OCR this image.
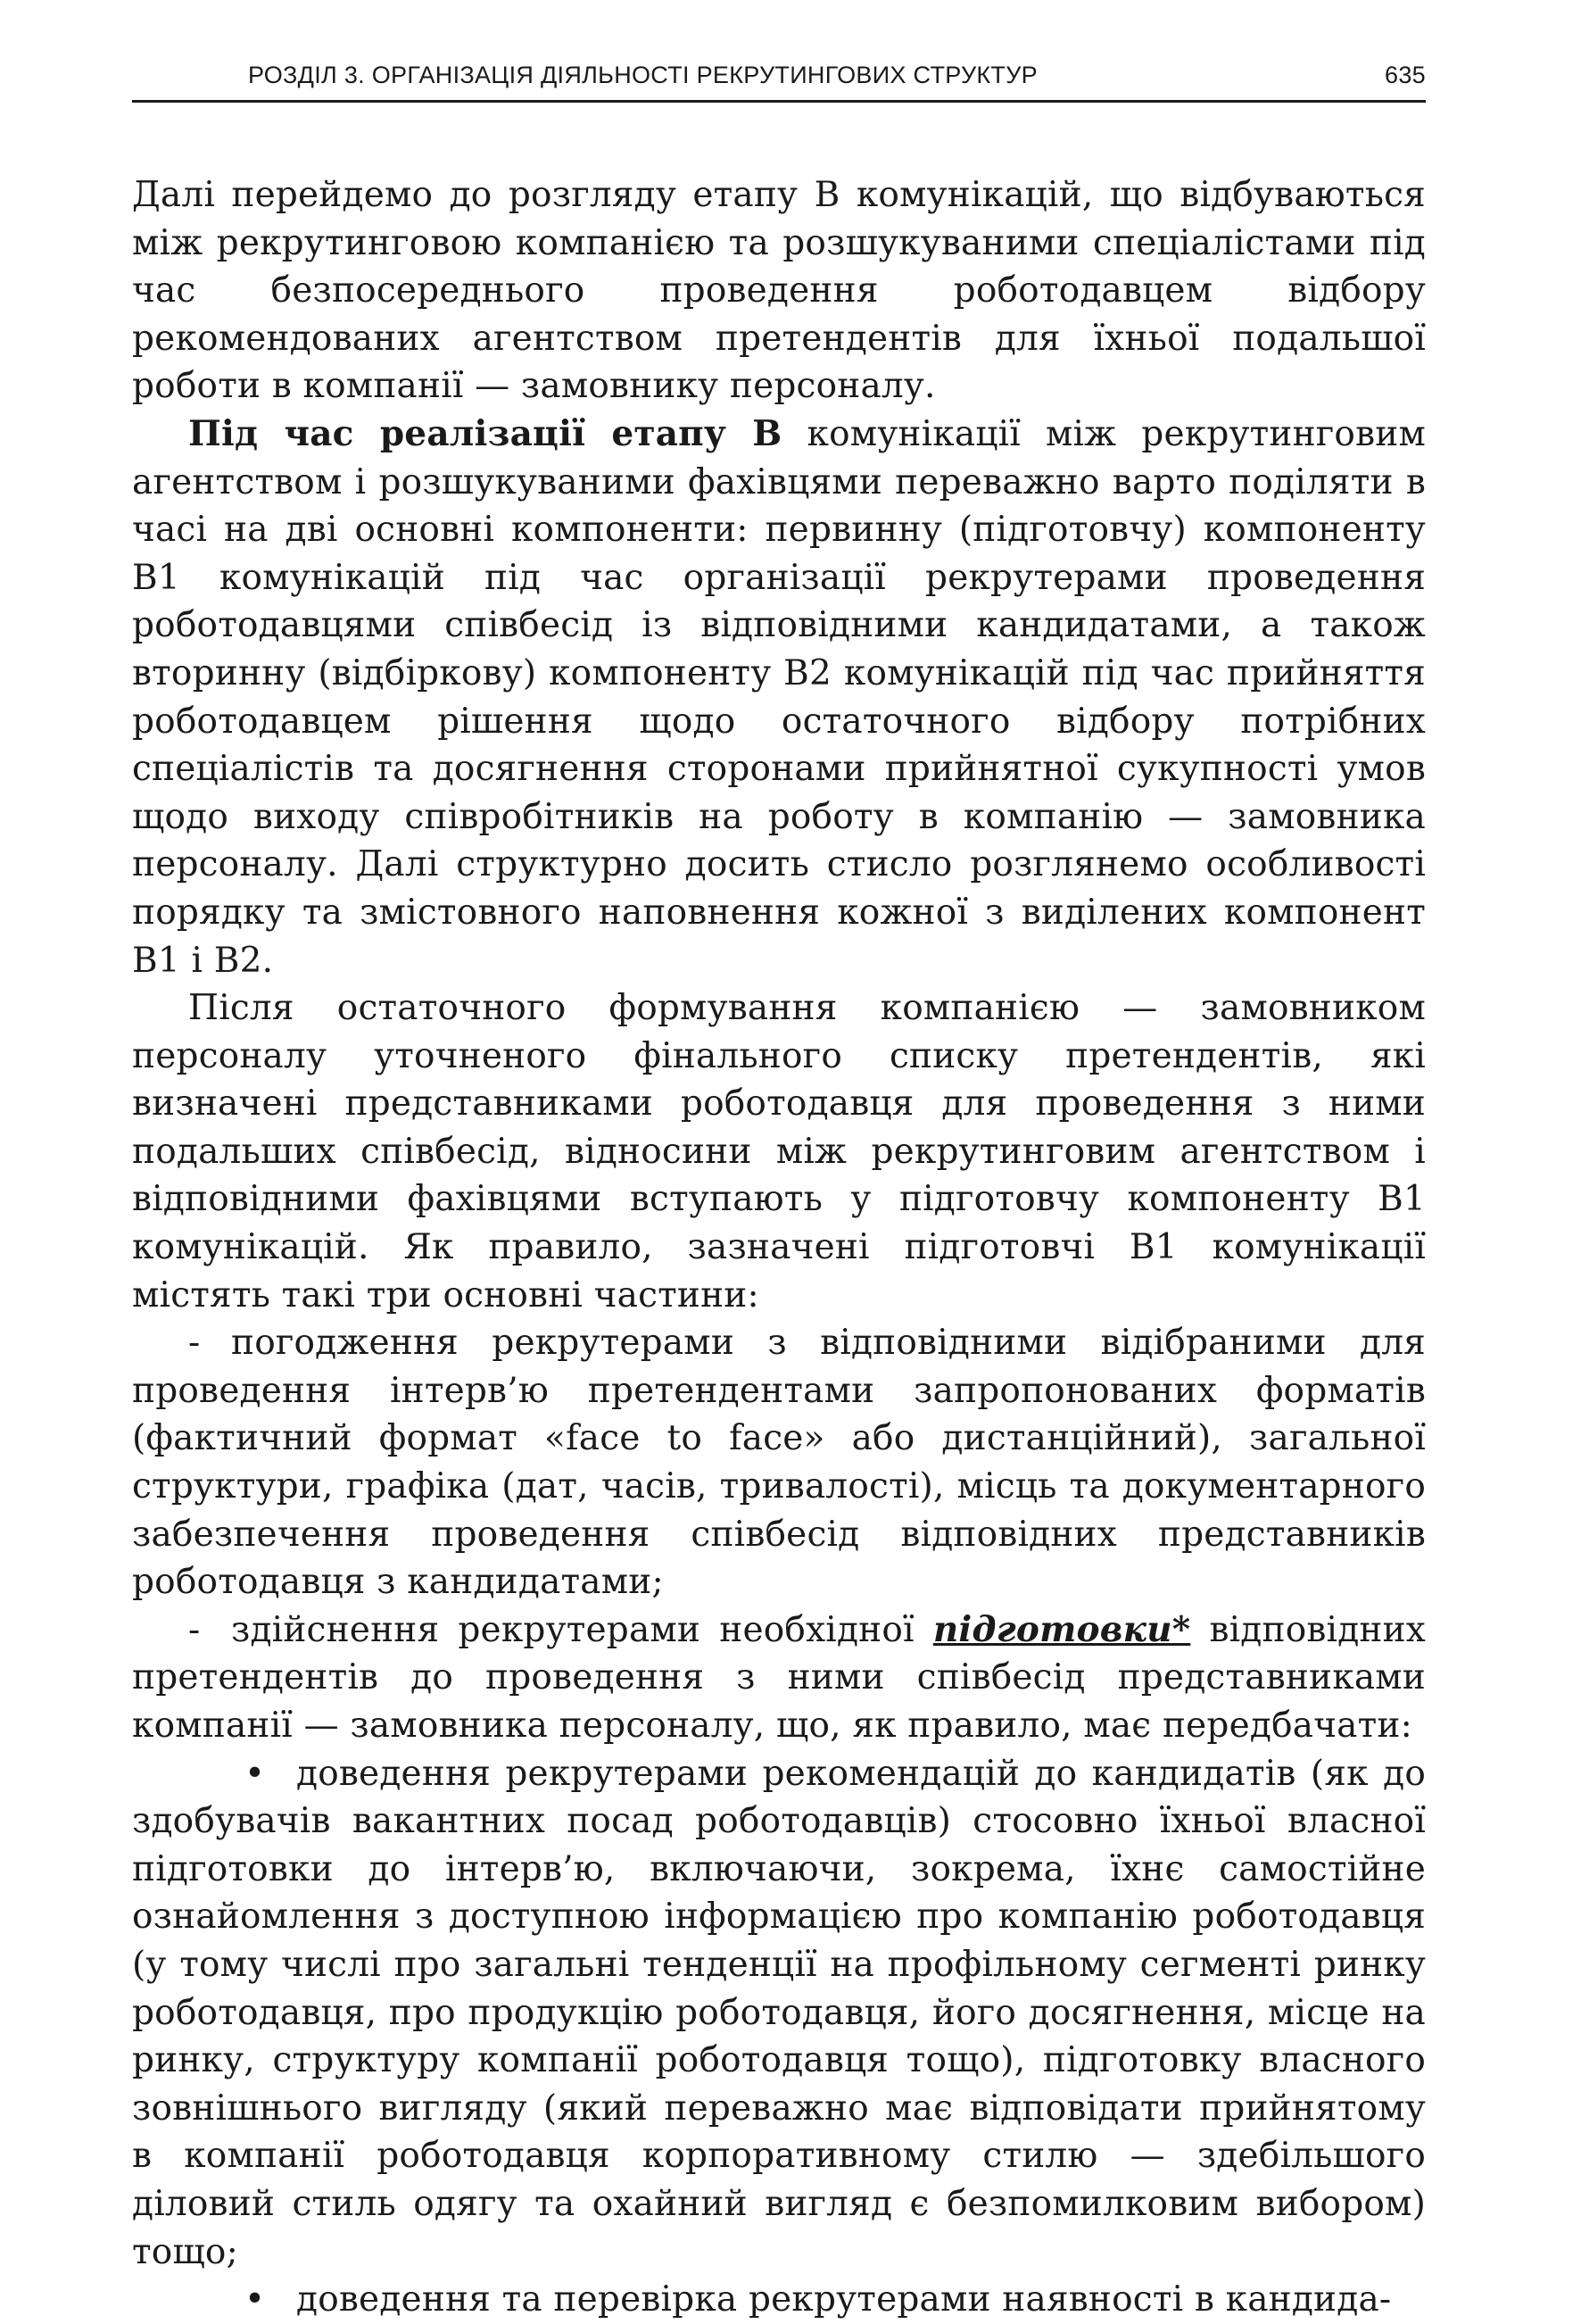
РОЗДІЛ 3. ОРГАНІЗАЦІЯ ДІЯЛЬНОСТІ РЕКРУТИНГОВИХ СТРУКТУР	635

Далі перейдемо до розгляду етапу В комунікацій, що відбуваються між рекрутинговою компанією та розшукуваними спеціалістами під час безпосереднього проведення роботодавцем відбору рекомендованих агентством претендентів для їхньої подальшої роботи в компанії — замовнику персоналу.

Під час реалізації етапу В комунікації між рекрутинговим агентством і розшукуваними фахівцями переважно варто поділяти в часі на дві основні компоненти: первинну (підготовчу) компоненту В1 комунікацій під час організації рекрутерами проведення роботодавцями співбесід із відповідними кандидатами, а також вторинну (відбіркову) компоненту В2 комунікацій під час прийняття роботодавцем рішення щодо остаточного відбору потрібних спеціалістів та досягнення сторонами прийнятної сукупності умов щодо виходу співробітників на роботу в компанію — замовника персоналу. Далі структурно досить стисло розглянемо особливості порядку та змістовного наповнення кожної з виділених компонент В1 і В2.

Після остаточного формування компанією — замовником персоналу уточненого фінального списку претендентів, які визначені представниками роботодавця для проведення з ними подальших співбесід, відносини між рекрутинговим агентством і відповідними фахівцями вступають у підготовчу компоненту В1 комунікацій. Як правило, зазначені підготовчі В1 комунікації містять такі три основні частини:

- погодження рекрутерами з відповідними відібраними для проведення інтерв’ю претендентами запропонованих форматів (фактичний формат «face to face» або дистанційний), загальної структури, графіка (дат, часів, тривалості), місць та документарного забезпечення проведення співбесід відповідних представників роботодавця з кандидатами;

- здійснення рекрутерами необхідної підготовки* відповідних претендентів до проведення з ними співбесід представниками компанії — замовника персоналу, що, як правило, має передбачати:

• доведення рекрутерами рекомендацій до кандидатів (як до здобувачів вакантних посад роботодавців) стосовно їхньої власної підготовки до інтерв’ю, включаючи, зокрема, їхнє самостійне ознайомлення з доступною інформацією про компанію роботодавця (у тому числі про загальні тенденції на профільному сегменті ринку роботодавця, про продукцію роботодавця, його досягнення, місце на ринку, структуру компанії роботодавця тощо), підготовку власного зовнішнього вигляду (який переважно має відповідати прийнятому в компанії роботодавця корпоративному стилю — здебільшого діловий стиль одягу та охайний вигляд є безпомилковим вибором) тощо;

• доведення та перевірка рекрутерами наявності в кандида-
